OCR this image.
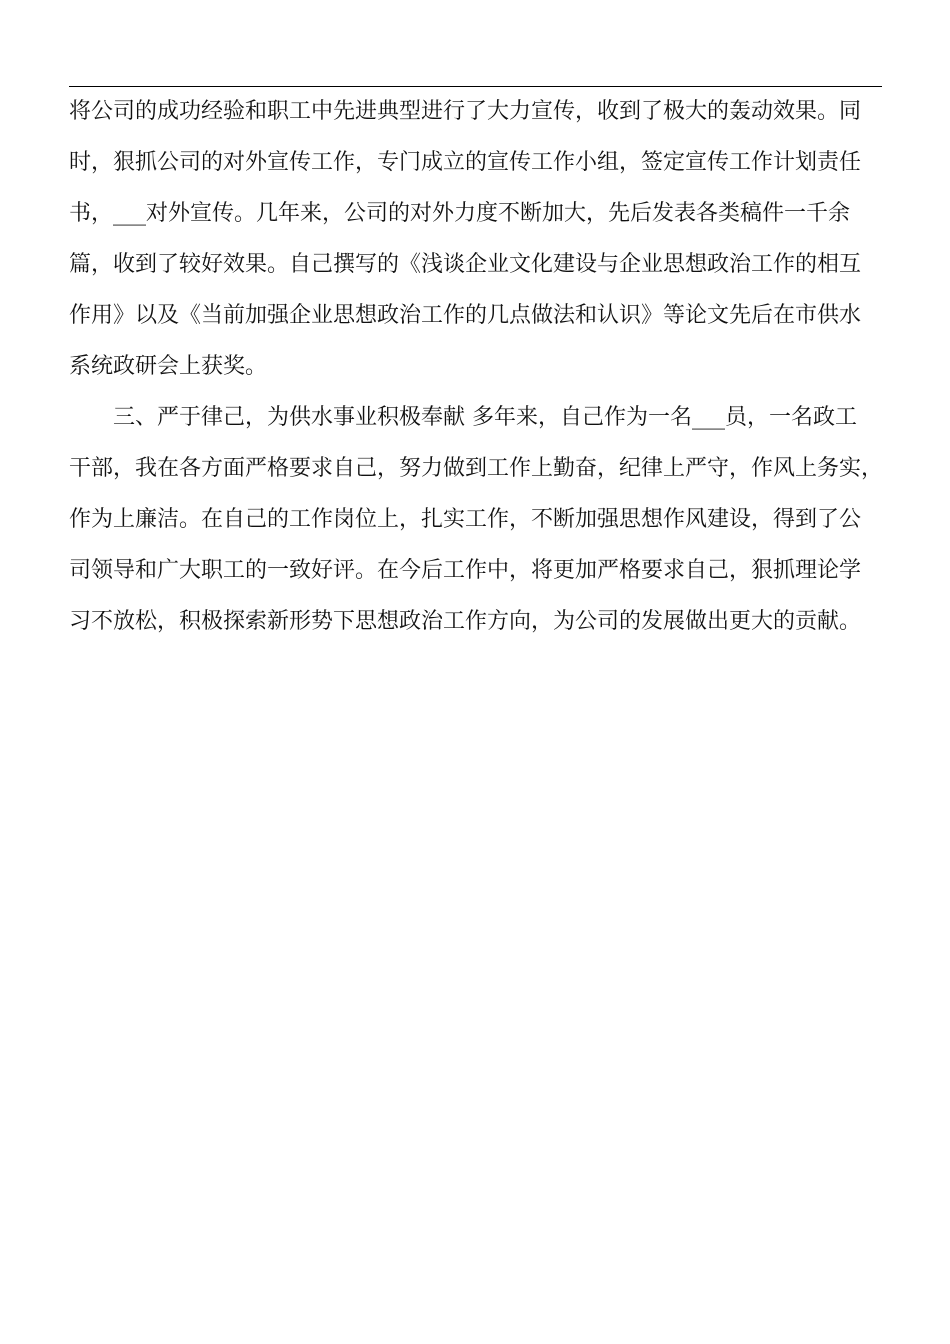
将公司的成功经验和职工中先进典型进行了大力宣传，收到了极大的轰动效果。同
时，狠抓公司的对外宣传工作，专门成立的宣传工作小组，签定宣传工作计划责任
书，___对外宣传。几年来，公司的对外力度不断加大，先后发表各类稿件一千余
篇，收到了较好效果。自己撰写的《浅谈企业文化建设与企业思想政治工作的相互
作用》以及《当前加强企业思想政治工作的几点做法和认识》等论文先后在市供水
系统政研会上获奖。
三、严于律己，为供水事业积极奉献 多年来，自己作为一名___员，一名政工
干部，我在各方面严格要求自己，努力做到工作上勤奋，纪律上严守，作风上务实，
作为上廉洁。在自己的工作岗位上，扎实工作，不断加强思想作风建设，得到了公
司领导和广大职工的一致好评。在今后工作中，将更加严格要求自己，狠抓理论学
习不放松，积极探索新形势下思想政治工作方向，为公司的发展做出更大的贡献。
